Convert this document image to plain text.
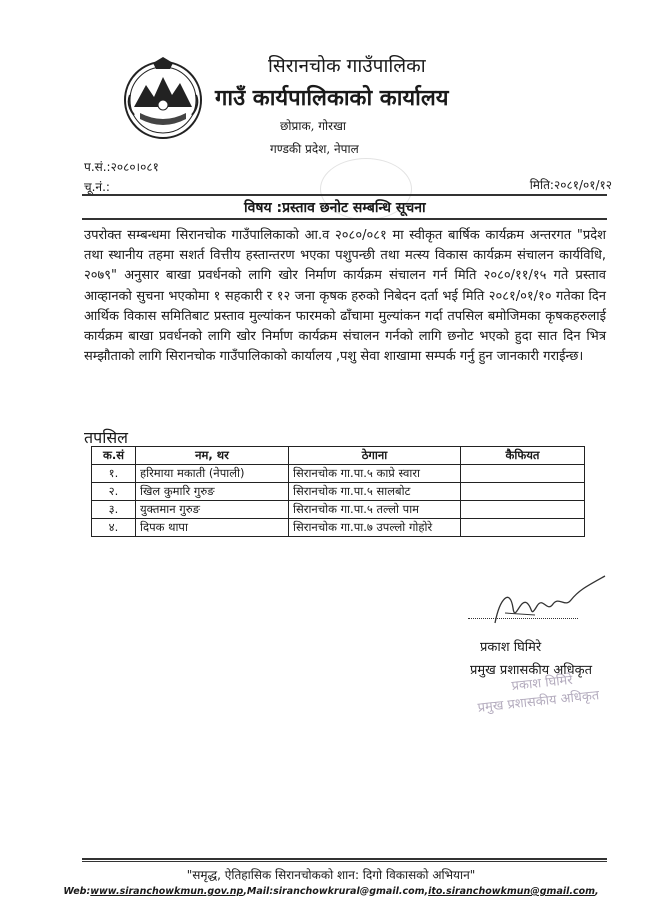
सिरानचोक गाउँपालिका
गाउँ कार्यपालिकाको कार्यालय
छोप्राक, गोरखा
गण्डकी प्रदेश, नेपाल
प.सं.:२०८०।०८१
चू.नं.:	मिति:२०८१/०१/१२
विषय :प्रस्ताव छनोट सम्बन्धि सूचना

उपरोक्त सम्बन्धमा सिरानचोक गाउँपालिकाको आ.व २०८०/०८१ मा स्वीकृत बार्षिक कार्यक्रम अन्तरगत "प्रदेश तथा स्थानीय तहमा सशर्त वित्तीय हस्तान्तरण भएका पशुपन्छी तथा मत्स्य विकास कार्यक्रम संचालन कार्यविधि, २०७९" अनुसार बाखा प्रवर्धनको लागि खोर निर्माण कार्यक्रम संचालन गर्न मिति २०८०/११/१५ गते प्रस्ताव आव्हानको सुचना भएकोमा १ सहकारी र १२ जना कृषक हरुको निबेदन दर्ता भई मिति २०८१/०१/१० गतेका दिन आर्थिक विकास समितिबाट प्रस्ताव मुल्यांकन फारमको ढाँचामा मुल्यांकन गर्दा तपसिल बमोजिमका कृषकहरुलाई कार्यक्रम बाखा प्रवर्धनको लागि खोर निर्माण कार्यक्रम संचालन गर्नको लागि छनोट भएको हुदा सात दिन भित्र सम्झौताको लागि सिरानचोक गाउँपालिकाको कार्यालय ,पशु सेवा शाखामा सम्पर्क गर्नु हुन जानकारी गराईन्छ।

तपसिल
क.सं	नम, थर	ठेगाना	कैफियत
१.	हरिमाया मकाती (नेपाली)	सिरानचोक गा.पा.५ काप्रे स्वारा	
२.	खिल कुमारि गुरुङ	सिरानचोक गा.पा.५ सालबोट	
३.	युक्तमान गुरुङ	सिरानचोक गा.पा.५ तल्लो पाम	
४.	दिपक थापा	सिरानचोक गा.पा.७ उपल्लो गोहोरे	
प्रकाश घिमिरे
प्रमुख प्रशासकीय अधिकृत
प्रकाश घिमिरे
प्रमुख प्रशासकीय अधिकृत
"समृद्ध, ऐतिहासिक सिरानचोकको शान: दिगो विकासको अभियान"
Web:www.siranchowkmun.gov.np,Mail:siranchowkrural@gmail.com,ito.siranchowkmun@gmail.com,
